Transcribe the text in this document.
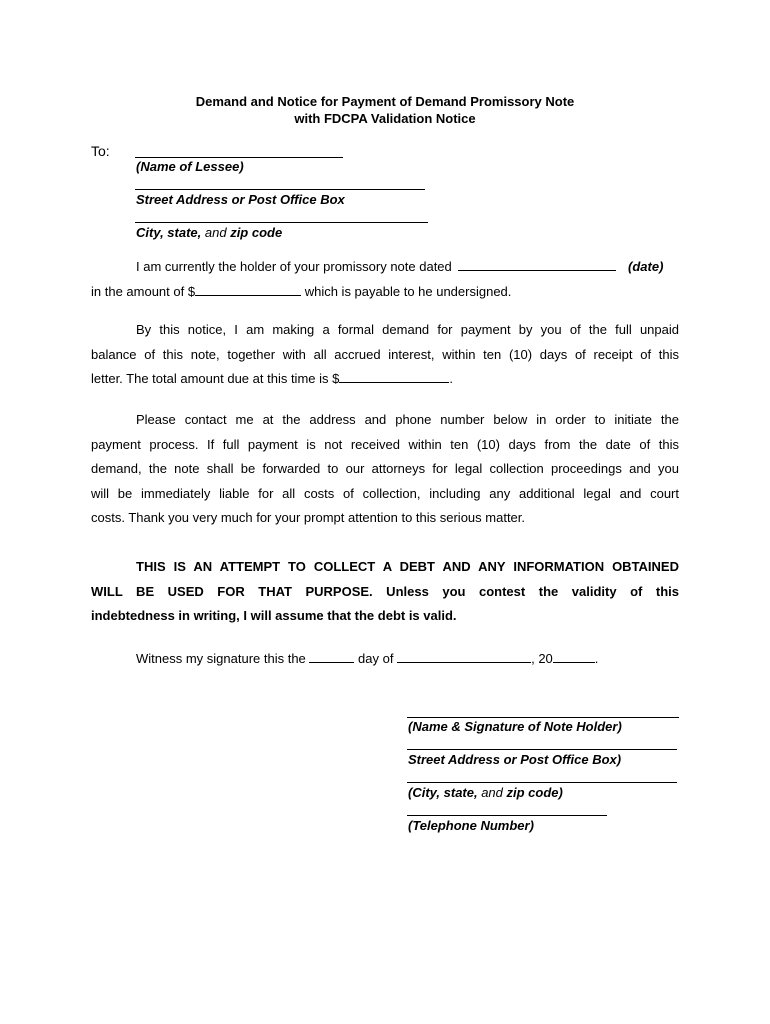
Demand and Notice for Payment of Demand Promissory Note
with FDCPA Validation Notice
To:
(Name of Lessee)
Street Address or Post Office Box
City, state, and zip code
I am currently the holder of your promissory note dated	(date)
in the amount of $	which is payable to he undersigned.
By this notice, I am making a formal demand for payment by you of the full unpaid
balance of this note, together with all accrued interest, within ten (10) days of receipt of this
letter. The total amount due at this time is $	.
Please contact me at the address and phone number below in order to initiate the
payment process. If full payment is not received within ten (10) days from the date of this
demand, the note shall be forwarded to our attorneys for legal collection proceedings and you
will be immediately liable for all costs of collection, including any additional legal and court
costs. Thank you very much for your prompt attention to this serious matter.
THIS IS AN ATTEMPT TO COLLECT A DEBT AND ANY INFORMATION OBTAINED
WILL BE USED FOR THAT PURPOSE. Unless you contest the validity of this
indebtedness in writing, I will assume that the debt is valid.
Witness my signature this the	day of	, 20	.
(Name & Signature of Note Holder)
Street Address or Post Office Box)
(City, state, and zip code)
(Telephone Number)
